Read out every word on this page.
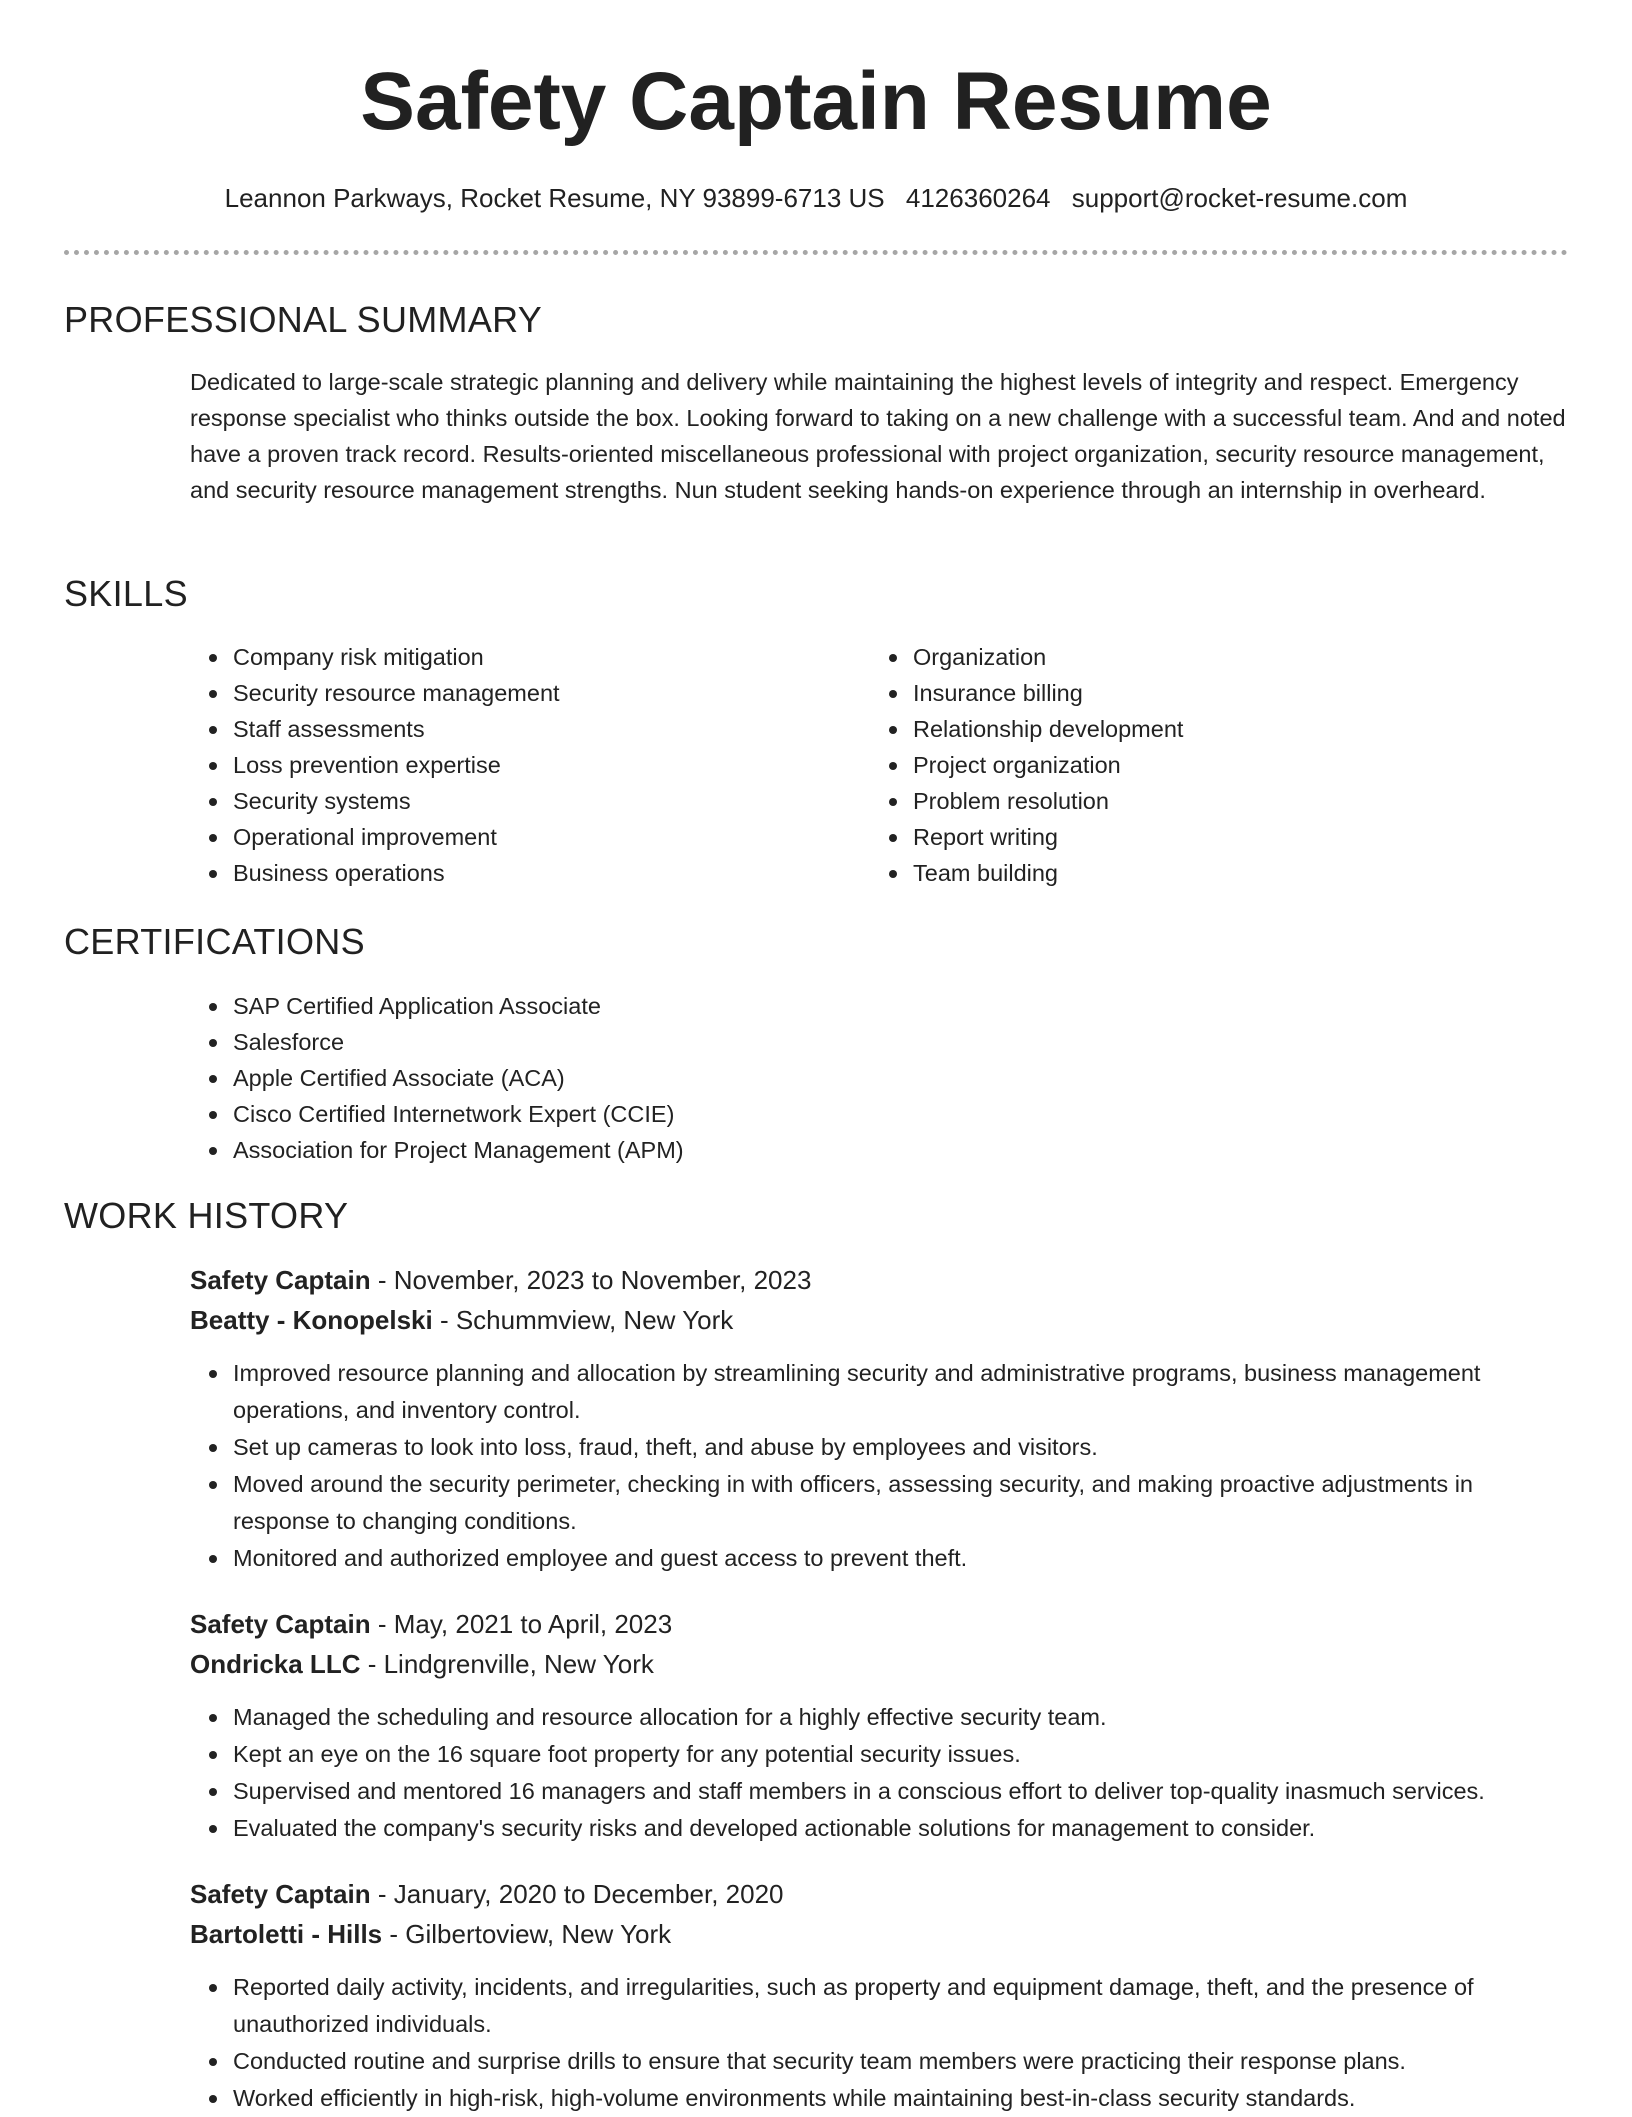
Safety Captain Resume
Leannon Parkways, Rocket Resume, NY 93899-6713 US 4126360264 support@rocket-resume.com
PROFESSIONAL SUMMARY

Dedicated to large-scale strategic planning and delivery while maintaining the highest levels of integrity and respect. Emergency response specialist who thinks outside the box. Looking forward to taking on a new challenge with a successful team. And and noted have a proven track record. Results-oriented miscellaneous professional with project organization, security resource management, and security resource management strengths. Nun student seeking hands-on experience through an internship in overheard.

SKILLS
Company risk mitigation
Security resource management
Staff assessments
Loss prevention expertise
Security systems
Operational improvement
Business operations
Organization
Insurance billing
Relationship development
Project organization
Problem resolution
Report writing
Team building
CERTIFICATIONS
SAP Certified Application Associate
Salesforce
Apple Certified Associate (ACA)
Cisco Certified Internetwork Expert (CCIE)
Association for Project Management (APM)
WORK HISTORY
Safety Captain - November, 2023 to November, 2023
Beatty - Konopelski - Schummview, New York
Improved resource planning and allocation by streamlining security and administrative programs, business management operations, and inventory control.
Set up cameras to look into loss, fraud, theft, and abuse by employees and visitors.
Moved around the security perimeter, checking in with officers, assessing security, and making proactive adjustments in response to changing conditions.
Monitored and authorized employee and guest access to prevent theft.
Safety Captain - May, 2021 to April, 2023
Ondricka LLC - Lindgrenville, New York
Managed the scheduling and resource allocation for a highly effective security team.
Kept an eye on the 16 square foot property for any potential security issues.
Supervised and mentored 16 managers and staff members in a conscious effort to deliver top-quality inasmuch services.
Evaluated the company's security risks and developed actionable solutions for management to consider.
Safety Captain - January, 2020 to December, 2020
Bartoletti - Hills - Gilbertoview, New York
Reported daily activity, incidents, and irregularities, such as property and equipment damage, theft, and the presence of unauthorized individuals.
Conducted routine and surprise drills to ensure that security team members were practicing their response plans.
Worked efficiently in high-risk, high-volume environments while maintaining best-in-class security standards.
